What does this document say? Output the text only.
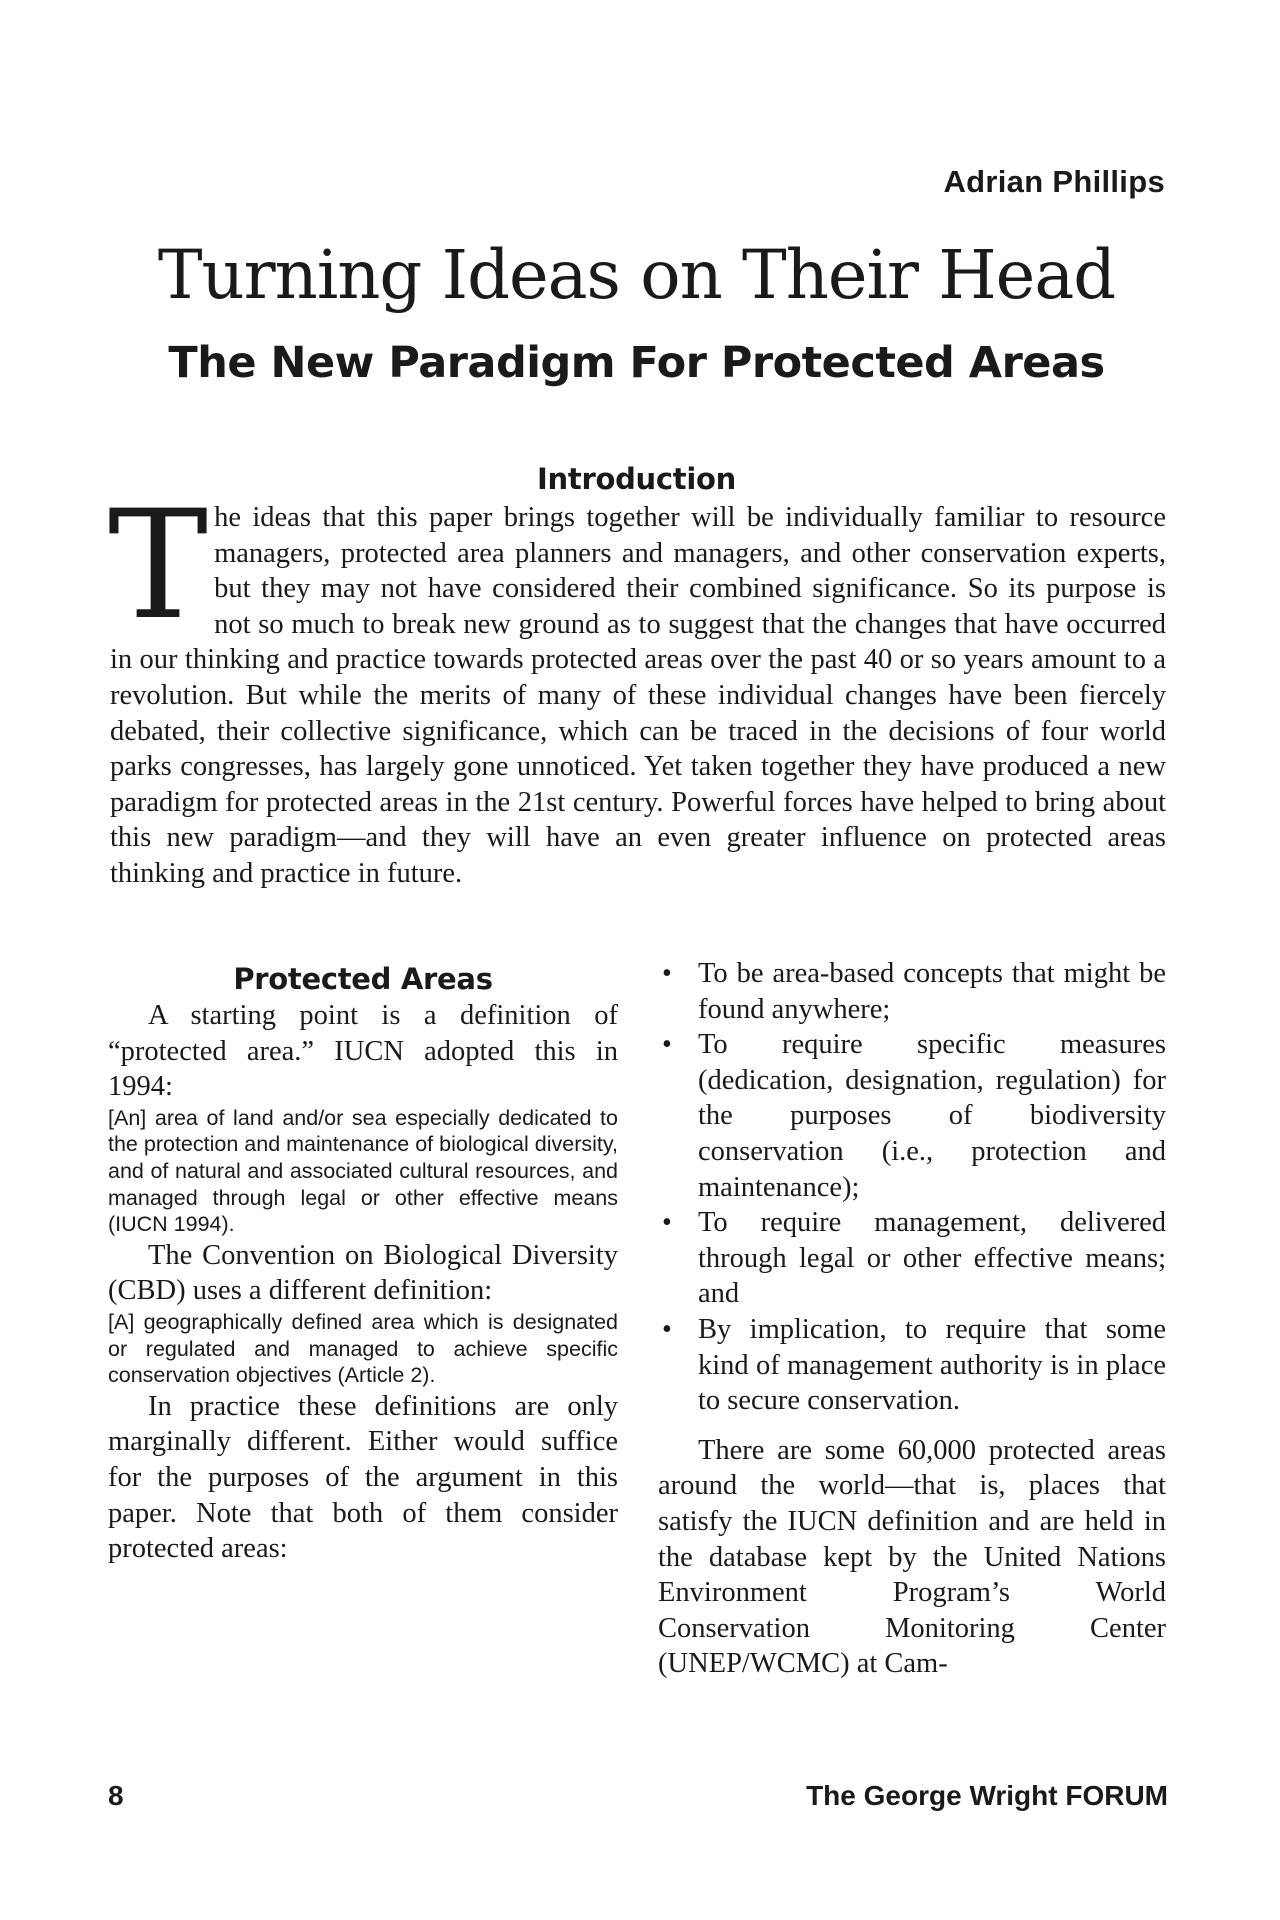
Adrian Phillips
Turning Ideas on Their Head
The New Paradigm For Protected Areas
Introduction

The ideas that this paper brings together will be individually familiar to resource managers, protected area planners and managers, and other conservation experts, but they may not have considered their combined significance. So its purpose is not so much to break new ground as to suggest that the changes that have occurred in our thinking and practice towards protected areas over the past 40 or so years amount to a revolution. But while the merits of many of these individual changes have been fiercely debated, their collective significance, which can be traced in the decisions of four world parks congresses, has largely gone unnoticed. Yet taken together they have produced a new paradigm for protected areas in the 21st century. Powerful forces have helped to bring about this new paradigm—and they will have an even greater influence on protected areas thinking and practice in future.

Protected Areas

A starting point is a definition of “protected area.” IUCN adopted this in 1994:

[An] area of land and/or sea especially dedicated to the protection and maintenance of biological diversity, and of natural and associated cultural resources, and managed through legal or other effective means (IUCN 1994).

The Convention on Biological Diversity (CBD) uses a different definition:

[A] geographically defined area which is designated or regulated and managed to achieve specific conservation objectives (Article 2).

In practice these definitions are only marginally different. Either would suffice for the purposes of the argument in this paper. Note that both of them consider protected areas:

• To be area-based concepts that might be found anywhere;
• To require specific measures (dedication, designation, regulation) for the purposes of biodiversity conservation (i.e., protection and maintenance);
• To require management, delivered through legal or other effective means; and
• By implication, to require that some kind of management authority is in place to secure conservation.

There are some 60,000 protected areas around the world—that is, places that satisfy the IUCN definition and are held in the database kept by the United Nations Environment Program’s World Conservation Monitoring Center (UNEP/WCMC) at Cam-

8	The George Wright FORUM
